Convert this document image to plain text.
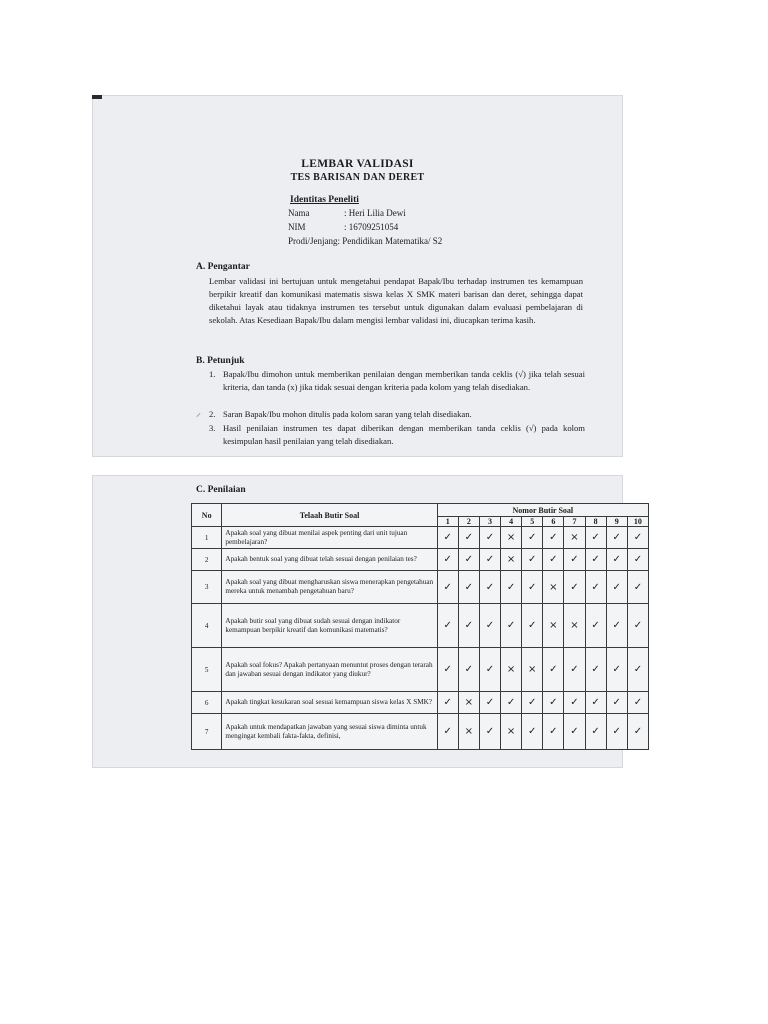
LEMBAR VALIDASI
TES BARISAN DAN DERET
Identitas Peneliti
Nama	: Heri Lilia Dewi
NIM	: 16709251054
Prodi/Jenjang: Pendidikan Matematika/ S2
A. Pengantar
Lembar validasi ini bertujuan untuk mengetahui pendapat Bapak/Ibu terhadap instrumen tes kemampuan berpikir kreatif dan komunikasi matematis siswa kelas X SMK materi barisan dan deret, sehingga dapat diketahui layak atau tidaknya instrumen tes tersebut untuk digunakan dalam evaluasi pembelajaran di sekolah. Atas Kesediaan Bapak/Ibu dalam mengisi lembar validasi ini, diucapkan terima kasih.
B. Petunjuk
1. Bapak/Ibu dimohon untuk memberikan penilaian dengan memberikan tanda ceklis (√) jika telah sesuai kriteria, dan tanda (x) jika tidak sesuai dengan kriteria pada kolom yang telah disediakan.
⸝ 2. Saran Bapak/Ibu mohon ditulis pada kolom saran yang telah disediakan.
3. Hasil penilaian instrumen tes dapat diberikan dengan memberikan tanda ceklis (√) pada kolom kesimpulan hasil penilaian yang telah disediakan.
C. Penilaian
No	Telaah Butir Soal	Nomor Butir Soal									
		1	2	3	4	5	6	7	8	9	10
1	Apakah soal yang dibuat menilai aspek penting dari unit tujuan pembelajaran?	✓	✓	✓	×	✓	✓	×	✓	✓	✓
2	Apakah bentuk soal yang dibuat telah sesuai dengan penilaian tes?	✓	✓	✓	×	✓	✓	✓	✓	✓	✓
3	Apakah soal yang dibuat mengharuskan siswa menerapkan pengetahuan mereka untuk menambah pengetahuan baru?	✓	✓	✓	✓	✓	×	✓	✓	✓	✓
4	Apakah butir soal yang dibuat sudah sesuai dengan indikator kemampuan berpikir kreatif dan komunikasi matematis?	✓	✓	✓	✓	✓	×	×	✓	✓	✓
5	Apakah soal fokus? Apakah pertanyaan menuntut proses dengan terarah dan jawaban sesuai dengan indikator yang diukur?	✓	✓	✓	×	×	✓	✓	✓	✓	✓
6	Apakah tingkat kesukaran soal sesuai kemampuan siswa kelas X SMK?	✓	×	✓	✓	✓	✓	✓	✓	✓	✓
7	Apakah untuk mendapatkan jawaban yang sesuai siswa diminta untuk mengingat kembali fakta-fakta, definisi,	✓	×	✓	×	✓	✓	✓	✓	✓	✓
